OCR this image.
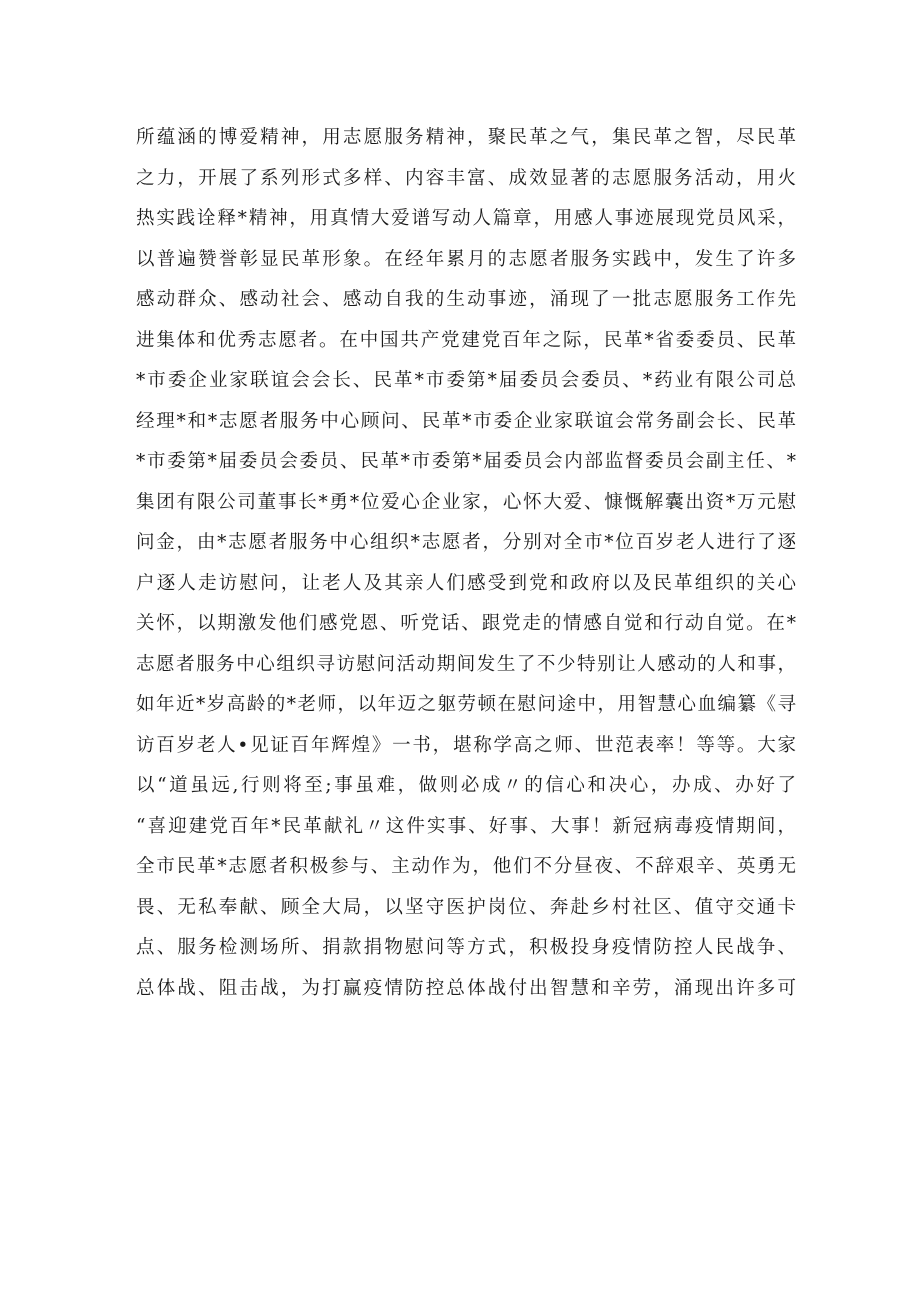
所蕴涵的博爱精神，用志愿服务精神，聚民革之气，集民革之智，尽民革
之力，开展了系列形式多样、内容丰富、成效显著的志愿服务活动，用火
热实践诠释*精神，用真情大爱谱写动人篇章，用感人事迹展现党员风采，
以普遍赞誉彰显民革形象。在经年累月的志愿者服务实践中，发生了许多
感动群众、感动社会、感动自我的生动事迹，涌现了一批志愿服务工作先
进集体和优秀志愿者。在中国共产党建党百年之际，民革*省委委员、民革
*市委企业家联谊会会长、民革*市委第*届委员会委员、*药业有限公司总
经理*和*志愿者服务中心顾问、民革*市委企业家联谊会常务副会长、民革
*市委第*届委员会委员、民革*市委第*届委员会内部监督委员会副主任、*
集团有限公司董事长*勇*位爱心企业家，心怀大爱、慷慨解囊出资*万元慰
问金，由*志愿者服务中心组织*志愿者，分别对全市*位百岁老人进行了逐
户逐人走访慰问，让老人及其亲人们感受到党和政府以及民革组织的关心
关怀，以期激发他们感党恩、听党话、跟党走的情感自觉和行动自觉。在*
志愿者服务中心组织寻访慰问活动期间发生了不少特别让人感动的人和事，
如年近*岁高龄的*老师，以年迈之躯劳顿在慰问途中，用智慧心血编纂《寻
访百岁老人•见证百年辉煌》一书，堪称学高之师、世范表率！等等。大家
以“道虽远,行则将至;事虽难，做则必成〃的信心和决心，办成、办好了
“喜迎建党百年*民革献礼〃这件实事、好事、大事！新冠病毒疫情期间，
全市民革*志愿者积极参与、主动作为，他们不分昼夜、不辞艰辛、英勇无
畏、无私奉献、顾全大局，以坚守医护岗位、奔赴乡村社区、值守交通卡
点、服务检测场所、捐款捐物慰问等方式，积极投身疫情防控人民战争、
总体战、阻击战，为打赢疫情防控总体战付出智慧和辛劳，涌现出许多可
